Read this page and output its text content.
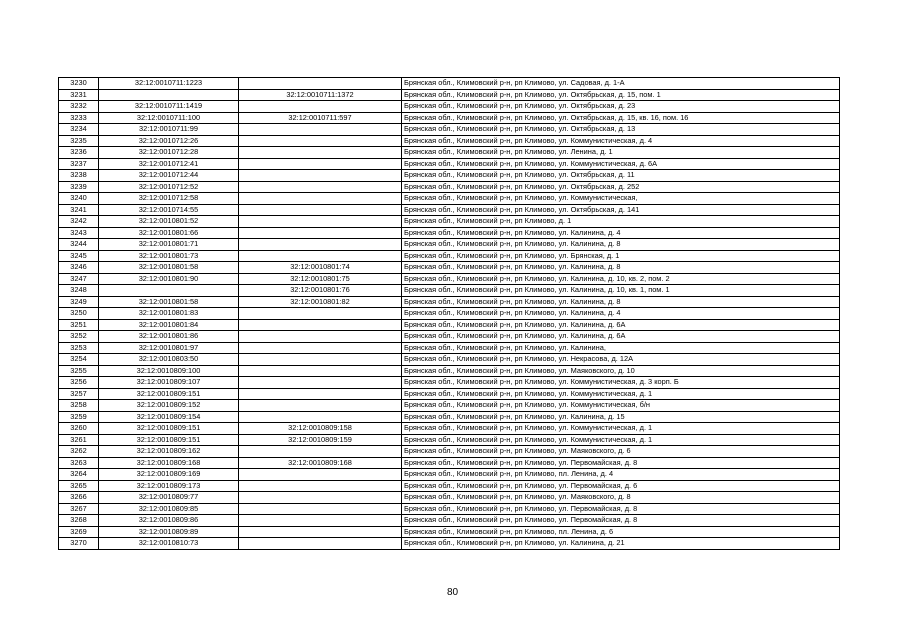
3230	32:12:0010711:1223		Брянская обл., Климовский р-н, рп Климово, ул. Садовая, д. 1-А
3231		32:12:0010711:1372	Брянская обл., Климовский р-н, рп Климово, ул. Октябрьская, д. 15, пом. 1
3232	32:12:0010711:1419		Брянская обл., Климовский р-н, рп Климово, ул. Октябрьская, д. 23
3233	32:12:0010711:100	32:12:0010711:597	Брянская обл., Климовский р-н, рп Климово, ул. Октябрьская, д. 15, кв. 16, пом. 16
3234	32:12:0010711:99		Брянская обл., Климовский р-н, рп Климово, ул. Октябрьская, д. 13
3235	32:12:0010712:26		Брянская обл., Климовский р-н, рп Климово, ул. Коммунистическая, д. 4
3236	32:12:0010712:28		Брянская обл., Климовский р-н, рп Климово, ул. Ленина, д. 1
3237	32:12:0010712:41		Брянская обл., Климовский р-н, рп Климово, ул. Коммунистическая, д. 6А
3238	32:12:0010712:44		Брянская обл., Климовский р-н, рп Климово, ул. Октябрьская, д. 11
3239	32:12:0010712:52		Брянская обл., Климовский р-н, рп Климово, ул. Октябрьская, д. 252
3240	32:12:0010712:58		Брянская обл., Климовский р-н, рп Климово, ул. Коммунистическая,
3241	32:12:0010714:55		Брянская обл., Климовский р-н, рп Климово, ул. Октябрьская, д. 141
3242	32:12:0010801:52		Брянская обл., Климовский р-н, рп Климово, д. 1
3243	32:12:0010801:66		Брянская обл., Климовский р-н, рп Климово, ул. Калинина, д. 4
3244	32:12:0010801:71		Брянская обл., Климовский р-н, рп Климово, ул. Калинина, д. 8
3245	32:12:0010801:73		Брянская обл., Климовский р-н, рп Климово, ул. Брянская, д. 1
3246	32:12:0010801:58	32:12:0010801:74	Брянская обл., Климовский р-н, рп Климово, ул. Калинина, д. 8
3247	32:12:0010801:90	32:12:0010801:75	Брянская обл., Климовский р-н, рп Климово, ул. Калинина, д. 10, кв. 2, пом. 2
3248		32:12:0010801:76	Брянская обл., Климовский р-н, рп Климово, ул. Калинина, д. 10, кв. 1, пом. 1
3249	32:12:0010801:58	32:12:0010801:82	Брянская обл., Климовский р-н, рп Климово, ул. Калинина, д. 8
3250	32:12:0010801:83		Брянская обл., Климовский р-н, рп Климово, ул. Калинина, д. 4
3251	32:12:0010801:84		Брянская обл., Климовский р-н, рп Климово, ул. Калинина, д. 6А
3252	32:12:0010801:86		Брянская обл., Климовский р-н, рп Климово, ул. Калинина, д. 6А
3253	32:12:0010801:97		Брянская обл., Климовский р-н, рп Климово, ул. Калинина,
3254	32:12:0010803:50		Брянская обл., Климовский р-н, рп Климово, ул. Некрасова, д. 12А
3255	32:12:0010809:100		Брянская обл., Климовский р-н, рп Климово, ул. Маяковского, д. 10
3256	32:12:0010809:107		Брянская обл., Климовский р-н, рп Климово, ул. Коммунистическая, д. 3 корп. Б
3257	32:12:0010809:151		Брянская обл., Климовский р-н, рп Климово, ул. Коммунистическая, д. 1
3258	32:12:0010809:152		Брянская обл., Климовский р-н, рп Климово, ул. Коммунистическая, б/н
3259	32:12:0010809:154		Брянская обл., Климовский р-н, рп Климово, ул. Калинина, д. 15
3260	32:12:0010809:151	32:12:0010809:158	Брянская обл., Климовский р-н, рп Климово, ул. Коммунистическая, д. 1
3261	32:12:0010809:151	32:12:0010809:159	Брянская обл., Климовский р-н, рп Климово, ул. Коммунистическая, д. 1
3262	32:12:0010809:162		Брянская обл., Климовский р-н, рп Климово, ул. Маяковского, д. 6
3263	32:12:0010809:168	32:12:0010809:168	Брянская обл., Климовский р-н, рп Климово, ул. Первомайская, д. 8
3264	32:12:0010809:169		Брянская обл., Климовский р-н, рп Климово, пл. Ленина, д. 4
3265	32:12:0010809:173		Брянская обл., Климовский р-н, рп Климово, ул. Первомайская, д. 6
3266	32:12:0010809:77		Брянская обл., Климовский р-н, рп Климово, ул. Маяковского, д. 8
3267	32:12:0010809:85		Брянская обл., Климовский р-н, рп Климово, ул. Первомайская, д. 8
3268	32:12:0010809:86		Брянская обл., Климовский р-н, рп Климово, ул. Первомайская, д. 8
3269	32:12:0010809:89		Брянская обл., Климовский р-н, рп Климово, пл. Ленина, д. 6
3270	32:12:0010810:73		Брянская обл., Климовский р-н, рп Климово, ул. Калинина, д. 21
80
